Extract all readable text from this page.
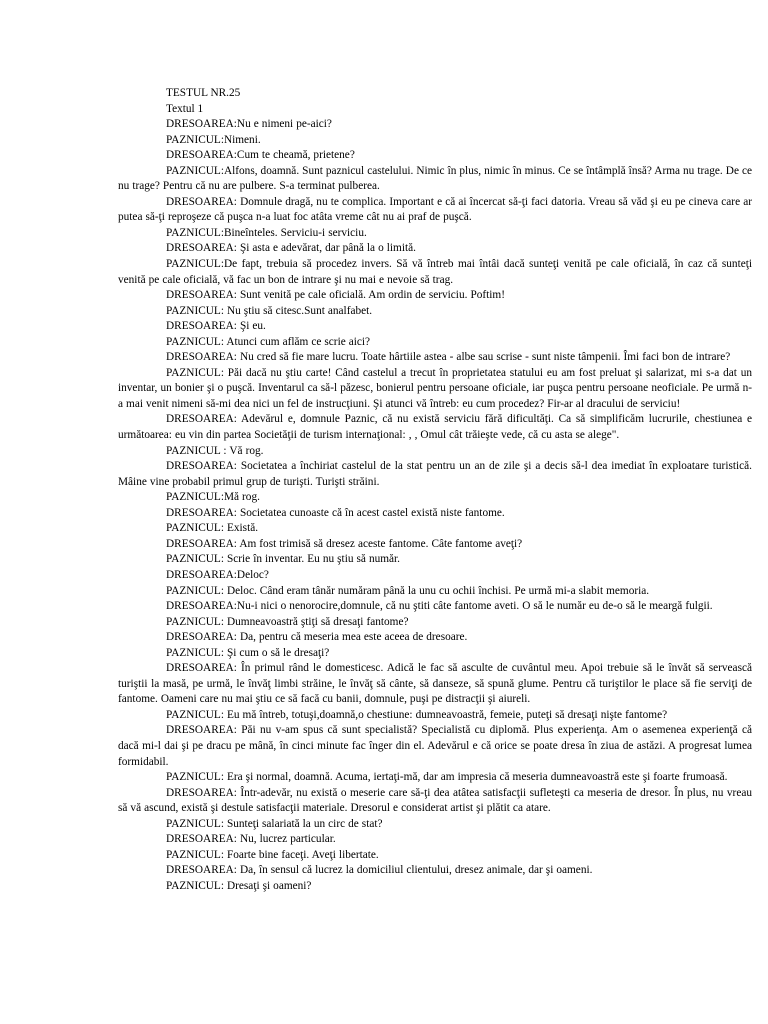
TESTUL NR.25
Textul 1

DRESOAREA:Nu e nimeni pe-aici?

PAZNICUL:Nimeni.

DRESOAREA:Cum te cheamă, prietene?

PAZNICUL:Alfons, doamnă. Sunt paznicul castelului. Nimic în plus, nimic în minus. Ce se întâmplă însă? Arma nu trage. De ce nu trage? Pentru că nu are pulbere. S-a terminat pulberea.

DRESOAREA: Domnule dragă, nu te complica. Important e că ai încercat să-ţi faci datoria. Vreau să văd şi eu pe cineva care ar putea să-ţi reproşeze că puşca n-a luat foc atâta vreme cât nu ai praf de puşcă.

PAZNICUL:Bineînteles. Serviciu-i serviciu.

DRESOAREA: Şi asta e adevărat, dar până la o limită.

PAZNICUL:De fapt, trebuia să procedez invers. Să vă întreb mai întâi dacă sunteţi venită pe cale oficială, în caz că sunteţi venită pe cale oficială, vă fac un bon de intrare şi nu mai e nevoie să trag.

DRESOAREA: Sunt venită pe cale oficială. Am ordin de serviciu. Poftim!

PAZNICUL: Nu ştiu să citesc.Sunt analfabet.

DRESOAREA: Şi eu.

PAZNICUL: Atunci cum aflăm ce scrie aici?

DRESOAREA: Nu cred să fie mare lucru. Toate hârtiile astea - albe sau scrise - sunt niste tâmpenii. Îmi faci bon de intrare?

PAZNICUL: Păi dacă nu ştiu carte! Când castelul a trecut în proprietatea statului eu am fost preluat şi salarizat, mi s-a dat un inventar, un bonier şi o puşcă. Inventarul ca să-l păzesc, bonierul pentru persoane oficiale, iar puşca pentru persoane neoficiale. Pe urmă n-a mai venit nimeni să-mi dea nici un fel de instrucţiuni. Şi atunci vă întreb: eu cum procedez? Fir-ar al dracului de serviciu!

DRESOAREA: Adevărul e, domnule Paznic, că nu există serviciu fără dificultăţi. Ca să simplificăm lucrurile, chestiunea e următoarea: eu vin din partea Societăţii de turism internaţional: , , Omul cât trăieşte vede, că cu asta se alege".

PAZNICUL : Vă rog.

DRESOAREA: Societatea a închiriat castelul de la stat pentru un an de zile şi a decis să-l dea imediat în exploatare turistică. Mâine vine probabil primul grup de turişti. Turişti străini.

PAZNICUL:Mă rog.

DRESOAREA: Societatea cunoaste că în acest castel există niste fantome.

PAZNICUL: Există.

DRESOAREA: Am fost trimisă să dresez aceste fantome. Câte fantome aveţi?

PAZNICUL: Scrie în inventar. Eu nu ştiu să număr.

DRESOAREA:Deloc?

PAZNICUL: Deloc. Când eram tânăr număram până la unu cu ochii închisi. Pe urmă mi-a slabit memoria.

DRESOAREA:Nu-i nici o nenorocire,domnule, că nu ştiti câte fantome aveti. O să le număr eu de-o să le meargă fulgii.

PAZNICUL: Dumneavoastră ştiţi să dresaţi fantome?

DRESOAREA: Da, pentru că meseria mea este aceea de dresoare.

PAZNICUL: Şi cum o să le dresaţi?

DRESOAREA: În primul rând le domesticesc. Adică le fac să asculte de cuvântul meu. Apoi trebuie să le învăt să servească turiştii la masă, pe urmă, le învăţ limbi străine, le învăţ să cânte, să danseze, să spună glume. Pentru că turiştilor le place să fie serviţi de fantome. Oameni care nu mai ştiu ce să facă cu banii, domnule, puşi pe distracţii şi aiureli.

PAZNICUL: Eu mă întreb, totuşi,doamnă,o chestiune: dumneavoastră, femeie, puteţi să dresaţi nişte fantome?

DRESOAREA: Păi nu v-am spus că sunt specialistă? Specialistă cu diplomă. Plus experienţa. Am o asemenea experienţă că dacă mi-l dai şi pe dracu pe mână, în cinci minute fac înger din el. Adevărul e că orice se poate dresa în ziua de astăzi. A progresat lumea formidabil.

PAZNICUL: Era şi normal, doamnă. Acuma, iertaţi-mă, dar am impresia că meseria dumneavoastră este şi foarte frumoasă.

DRESOAREA: Într-adevăr, nu există o meserie care să-ţi dea atâtea satisfacţii sufleteşti ca meseria de dresor. În plus, nu vreau să vă ascund, există şi destule satisfacţii materiale. Dresorul e considerat artist şi plătit ca atare.

PAZNICUL: Sunteţi salariată la un circ de stat?

DRESOAREA: Nu, lucrez particular.

PAZNICUL: Foarte bine faceţi. Aveţi libertate.

DRESOAREA: Da, în sensul că lucrez la domiciliul clientului, dresez animale, dar şi oameni.

PAZNICUL: Dresaţi şi oameni?
